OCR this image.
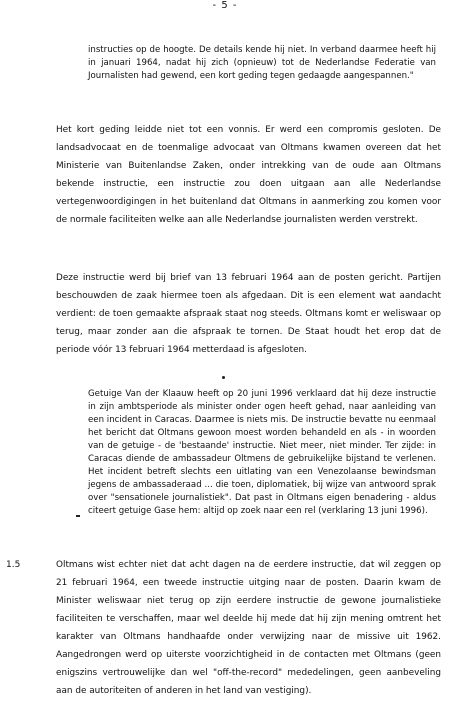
- 5 -

instructies op de hoogte. De details kende hij niet. In verband daarmee heeft hij in januari 1964, nadat hij zich (opnieuw) tot de Nederlandse Federatie van Journalisten had gewend, een kort geding tegen gedaagde aangespannen."

Het kort geding leidde niet tot een vonnis. Er werd een compromis gesloten. De landsadvocaat en de toenmalige advocaat van Oltmans kwamen overeen dat het Ministerie van Buitenlandse Zaken, onder intrekking van de oude aan Oltmans bekende instructie, een instructie zou doen uitgaan aan alle Nederlandse vertegenwoordigingen in het buitenland dat Oltmans in aanmerking zou komen voor de normale faciliteiten welke aan alle Nederlandse journalisten werden verstrekt.

Deze instructie werd bij brief van 13 februari 1964 aan de posten gericht. Partijen beschouwden de zaak hiermee toen als afgedaan. Dit is een element wat aandacht verdient: de toen gemaakte afspraak staat nog steeds. Oltmans komt er weliswaar op terug, maar zonder aan die afspraak te tornen. De Staat houdt het erop dat de periode vóór 13 februari 1964 metterdaad is afgesloten.

Getuige Van der Klaauw heeft op 20 juni 1996 verklaard dat hij deze instructie in zijn ambtsperiode als minister onder ogen heeft gehad, naar aanleiding van een incident in Caracas. Daarmee is niets mis. De instructie bevatte nu eenmaal het bericht dat Oltmans gewoon moest worden behandeld en als - in woorden van de getuige - de 'bestaande' instructie. Niet meer, niet minder. Ter zijde: in Caracas diende de ambassadeur Oltmens de gebruikelijke bijstand te verlenen. Het incident betreft slechts een uitlating van een Venezolaanse bewindsman jegens de ambassaderaad ... die toen, diplomatiek, bij wijze van antwoord sprak over "sensationele journalistiek". Dat past in Oltmans eigen benadering - aldus citeert getuige Gase hem: altijd op zoek naar een rel (verklaring 13 juni 1996).

1.5	Oltmans wist echter niet dat acht dagen na de eerdere instructie, dat wil zeggen op 21 februari 1964, een tweede instructie uitging naar de posten. Daarin kwam de Minister weliswaar niet terug op zijn eerdere instructie de gewone journalistieke faciliteiten te verschaffen, maar wel deelde hij mede dat hij zijn mening omtrent het karakter van Oltmans handhaafde onder verwijzing naar de missive uit 1962. Aangedrongen werd op uiterste voorzichtigheid in de contacten met Oltmans (geen enigszins vertrouwelijke dan wel "off-the-record" mededelingen, geen aanbeveling aan de autoriteiten of anderen in het land van vestiging).
